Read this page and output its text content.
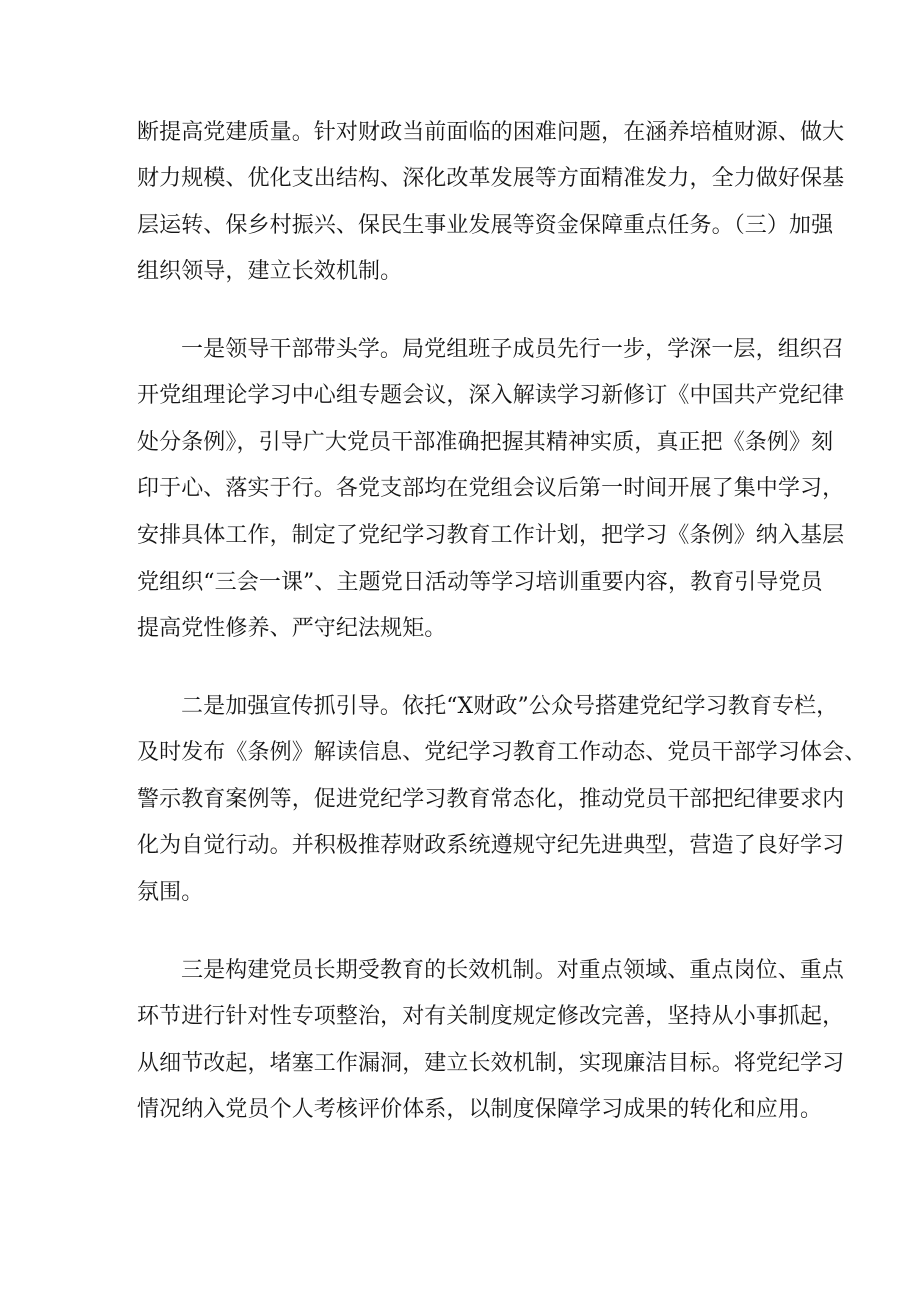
断提高党建质量。针对财政当前面临的困难问题，在涵养培植财源、做大

财力规模、优化支出结构、深化改革发展等方面精准发力，全力做好保基

层运转、保乡村振兴、保民生事业发展等资金保障重点任务。（三）加强

组织领导，建立长效机制。

一是领导干部带头学。局党组班子成员先行一步，学深一层，组织召

开党组理论学习中心组专题会议，深入解读学习新修订《中国共产党纪律

处分条例》，引导广大党员干部准确把握其精神实质，真正把《条例》刻

印于心、落实于行。各党支部均在党组会议后第一时间开展了集中学习，

安排具体工作，制定了党纪学习教育工作计划，把学习《条例》纳入基层

党组织“三会一课”、主题党日活动等学习培训重要内容，教育引导党员

提高党性修养、严守纪法规矩。

二是加强宣传抓引导。依托“X财政”公众号搭建党纪学习教育专栏，

及时发布《条例》解读信息、党纪学习教育工作动态、党员干部学习体会、

警示教育案例等，促进党纪学习教育常态化，推动党员干部把纪律要求内

化为自觉行动。并积极推荐财政系统遵规守纪先进典型，营造了良好学习

氛围。

三是构建党员长期受教育的长效机制。对重点领域、重点岗位、重点

环节进行针对性专项整治，对有关制度规定修改完善，坚持从小事抓起，

从细节改起，堵塞工作漏洞，建立长效机制，实现廉洁目标。将党纪学习

情况纳入党员个人考核评价体系，以制度保障学习成果的转化和应用。
